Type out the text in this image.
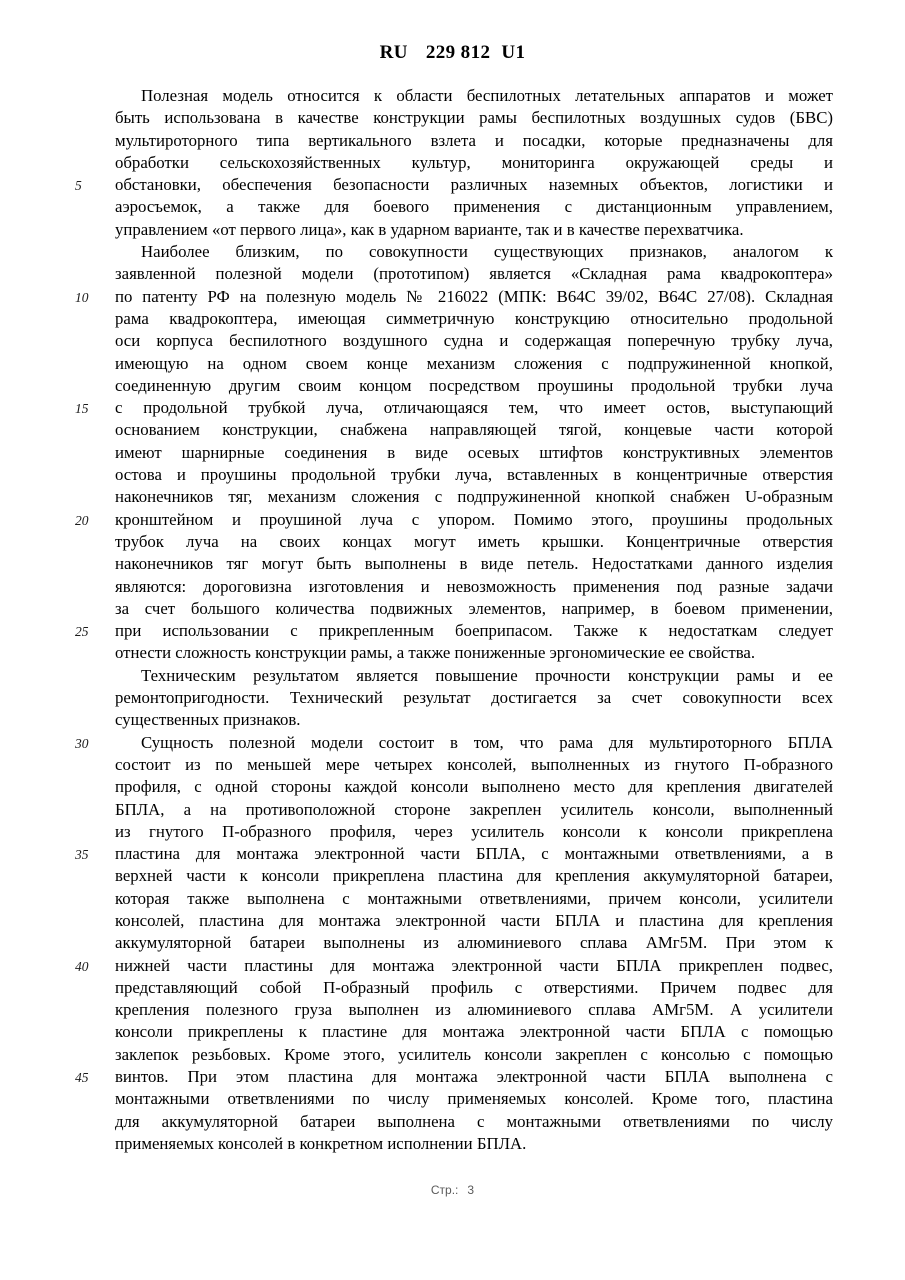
RU 229 812 U1
Полезная модель относится к области беспилотных летательных аппаратов и может
быть использована в качестве конструкции рамы беспилотных воздушных судов (БВС)
мультироторного типа вертикального взлета и посадки, которые предназначены для
обработки сельскохозяйственных культур, мониторинга окружающей среды и
5	обстановки, обеспечения безопасности различных наземных объектов, логистики и
аэросъемок, а также для боевого применения с дистанционным управлением,
управлением «от первого лица», как в ударном варианте, так и в качестве перехватчика.
Наиболее близким, по совокупности существующих признаков, аналогом к
заявленной полезной модели (прототипом) является «Складная рама квадрокоптера»
10	по патенту РФ на полезную модель № 216022 (МПК: B64C 39/02, B64C 27/08). Складная
рама квадрокоптера, имеющая симметричную конструкцию относительно продольной
оси корпуса беспилотного воздушного судна и содержащая поперечную трубку луча,
имеющую на одном своем конце механизм сложения с подпружиненной кнопкой,
соединенную другим своим концом посредством проушины продольной трубки луча
15	с продольной трубкой луча, отличающаяся тем, что имеет остов, выступающий
основанием конструкции, снабжена направляющей тягой, концевые части которой
имеют шарнирные соединения в виде осевых штифтов конструктивных элементов
остова и проушины продольной трубки луча, вставленных в концентричные отверстия
наконечников тяг, механизм сложения с подпружиненной кнопкой снабжен U-образным
20	кронштейном и проушиной луча с упором. Помимо этого, проушины продольных
трубок луча на своих концах могут иметь крышки. Концентричные отверстия
наконечников тяг могут быть выполнены в виде петель. Недостатками данного изделия
являются: дороговизна изготовления и невозможность применения под разные задачи
за счет большого количества подвижных элементов, например, в боевом применении,
25	при использовании с прикрепленным боеприпасом. Также к недостаткам следует
отнести сложность конструкции рамы, а также пониженные эргономические ее свойства.
Техническим результатом является повышение прочности конструкции рамы и ее
ремонтопригодности. Технический результат достигается за счет совокупности всех
существенных признаков.
30	Сущность полезной модели состоит в том, что рама для мультироторного БПЛА
состоит из по меньшей мере четырех консолей, выполненных из гнутого П-образного
профиля, с одной стороны каждой консоли выполнено место для крепления двигателей
БПЛА, а на противоположной стороне закреплен усилитель консоли, выполненный
из гнутого П-образного профиля, через усилитель консоли к консоли прикреплена
35	пластина для монтажа электронной части БПЛА, с монтажными ответвлениями, а в
верхней части к консоли прикреплена пластина для крепления аккумуляторной батареи,
которая также выполнена с монтажными ответвлениями, причем консоли, усилители
консолей, пластина для монтажа электронной части БПЛА и пластина для крепления
аккумуляторной батареи выполнены из алюминиевого сплава АМг5М. При этом к
40	нижней части пластины для монтажа электронной части БПЛА прикреплен подвес,
представляющий собой П-образный профиль с отверстиями. Причем подвес для
крепления полезного груза выполнен из алюминиевого сплава АМг5М. А усилители
консоли прикреплены к пластине для монтажа электронной части БПЛА с помощью
заклепок резьбовых. Кроме этого, усилитель консоли закреплен с консолью с помощью
45	винтов. При этом пластина для монтажа электронной части БПЛА выполнена с
монтажными ответвлениями по числу применяемых консолей. Кроме того, пластина
для аккумуляторной батареи выполнена с монтажными ответвлениями по числу
применяемых консолей в конкретном исполнении БПЛА.
Стр.: 3
